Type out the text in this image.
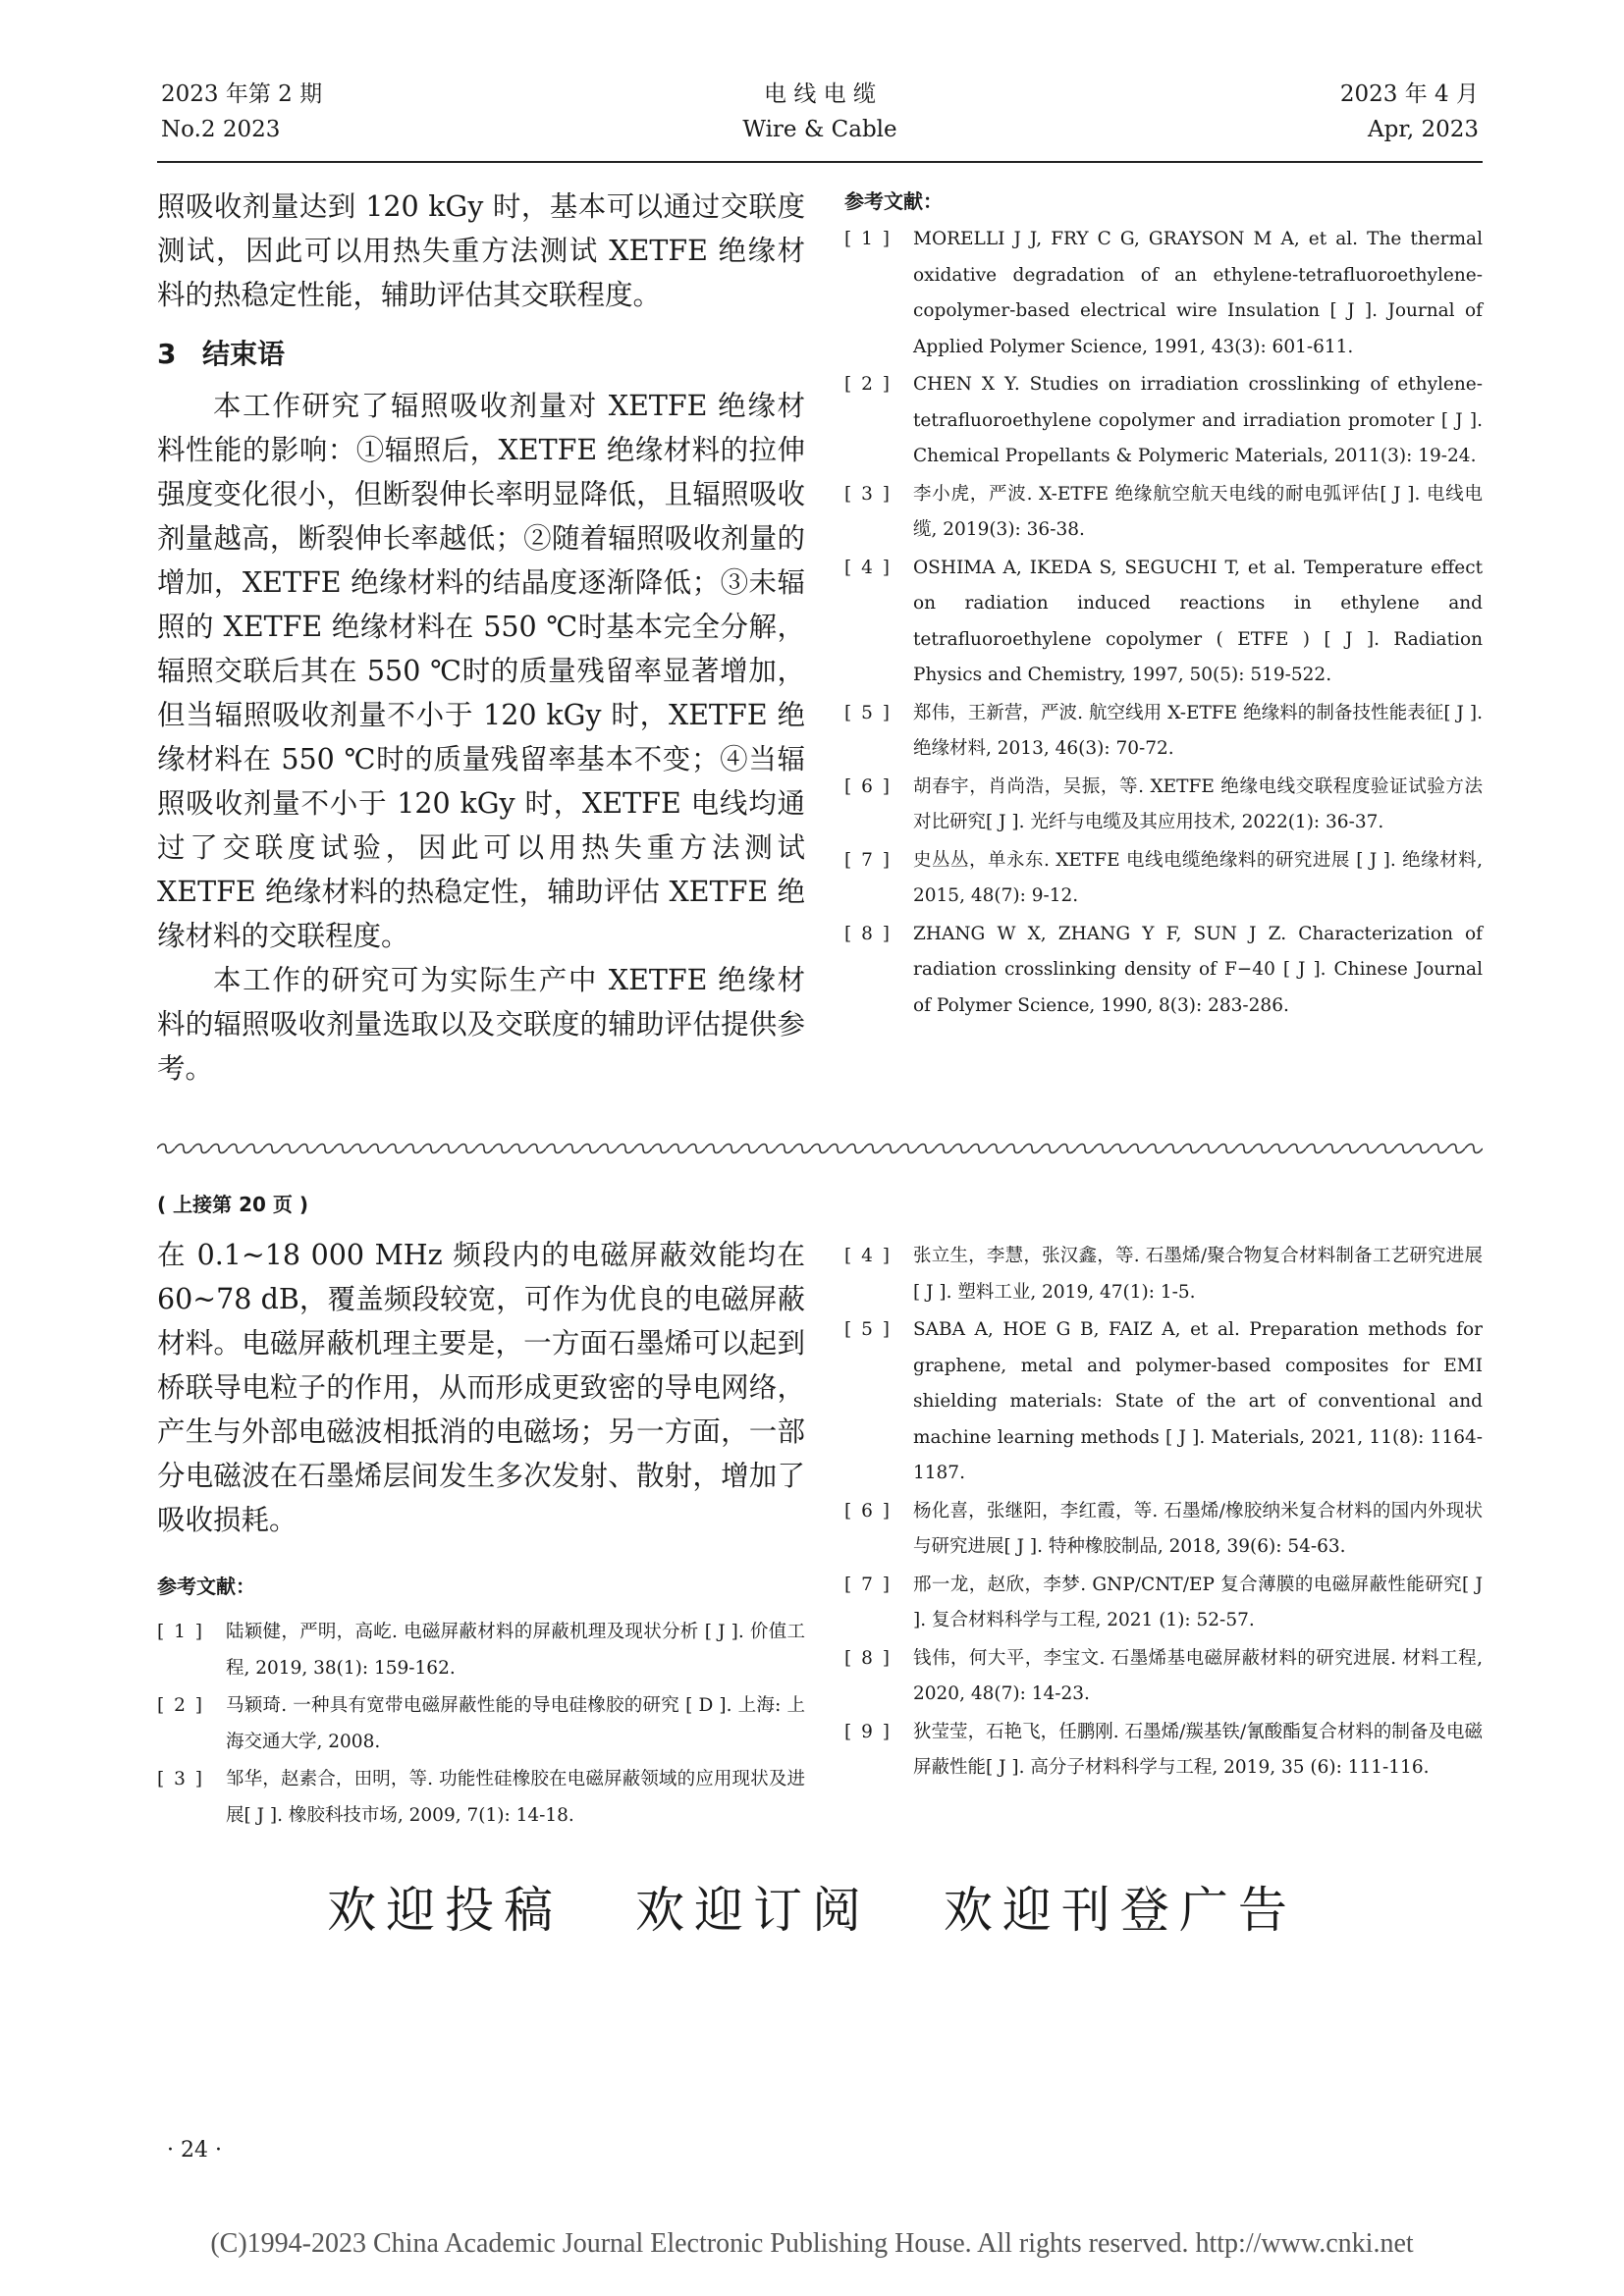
2023 年第 2 期
No.2 2023
电 线 电 缆
Wire & Cable
2023 年 4 月
Apr, 2023

照吸收剂量达到 120 kGy 时，基本可以通过交联度测试，因此可以用热失重方法测试 XETFE 绝缘材料的热稳定性能，辅助评估其交联程度。

3 结束语

本工作研究了辐照吸收剂量对 XETFE 绝缘材料性能的影响：①辐照后，XETFE 绝缘材料的拉伸强度变化很小，但断裂伸长率明显降低，且辐照吸收剂量越高，断裂伸长率越低；②随着辐照吸收剂量的增加，XETFE 绝缘材料的结晶度逐渐降低；③未辐照的 XETFE 绝缘材料在 550 ℃时基本完全分解，辐照交联后其在 550 ℃时的质量残留率显著增加，但当辐照吸收剂量不小于 120 kGy 时，XETFE 绝缘材料在 550 ℃时的质量残留率基本不变；④当辐照吸收剂量不小于 120 kGy 时，XETFE 电线均通过了交联度试验，因此可以用热失重方法测试 XETFE 绝缘材料的热稳定性，辅助评估 XETFE 绝缘材料的交联程度。

本工作的研究可为实际生产中 XETFE 绝缘材料的辐照吸收剂量选取以及交联度的辅助评估提供参考。

参考文献：
[ 1 ]	MORELLI J J, FRY C G, GRAYSON M A, et al. The thermal oxidative degradation of an ethylene-tetrafluoroethylene-copolymer-based electrical wire Insulation [ J ]. Journal of Applied Polymer Science, 1991, 43(3): 601-611.
[ 2 ]	CHEN X Y. Studies on irradiation crosslinking of ethylene-tetrafluoroethylene copolymer and irradiation promoter [ J ]. Chemical Propellants & Polymeric Materials, 2011(3): 19-24.
[ 3 ]	李小虎，严波. X-ETFE 绝缘航空航天电线的耐电弧评估[ J ]. 电线电缆, 2019(3): 36-38.
[ 4 ]	OSHIMA A, IKEDA S, SEGUCHI T, et al. Temperature effect on radiation induced reactions in ethylene and tetrafluoroethylene copolymer ( ETFE ) [ J ]. Radiation Physics and Chemistry, 1997, 50(5): 519-522.
[ 5 ]	郑伟，王新营，严波. 航空线用 X-ETFE 绝缘料的制备技性能表征[ J ]. 绝缘材料, 2013, 46(3): 70-72.
[ 6 ]	胡春宇，肖尚浩，吴振，等. XETFE 绝缘电线交联程度验证试验方法对比研究[ J ]. 光纤与电缆及其应用技术, 2022(1): 36-37.
[ 7 ]	史丛丛，单永东. XETFE 电线电缆绝缘料的研究进展 [ J ]. 绝缘材料, 2015, 48(7): 9-12.
[ 8 ]	ZHANG W X, ZHANG Y F, SUN J Z. Characterization of radiation crosslinking density of F−40 [ J ]. Chinese Journal of Polymer Science, 1990, 8(3): 283-286.
( 上接第 20 页 )

在 0.1~18 000 MHz 频段内的电磁屏蔽效能均在 60~78 dB，覆盖频段较宽，可作为优良的电磁屏蔽材料。电磁屏蔽机理主要是，一方面石墨烯可以起到桥联导电粒子的作用，从而形成更致密的导电网络，产生与外部电磁波相抵消的电磁场；另一方面，一部分电磁波在石墨烯层间发生多次发射、散射，增加了吸收损耗。

参考文献：
[ 1 ]	陆颖健，严明，高屹. 电磁屏蔽材料的屏蔽机理及现状分析 [ J ]. 价值工程, 2019, 38(1): 159-162.
[ 2 ]	马颖琦. 一种具有宽带电磁屏蔽性能的导电硅橡胶的研究 [ D ]. 上海: 上海交通大学, 2008.
[ 3 ]	邹华，赵素合，田明，等. 功能性硅橡胶在电磁屏蔽领域的应用现状及进展[ J ]. 橡胶科技市场, 2009, 7(1): 14-18.
[ 4 ]	张立生，李慧，张汉鑫，等. 石墨烯/聚合物复合材料制备工艺研究进展[ J ]. 塑料工业, 2019, 47(1): 1-5.
[ 5 ]	SABA A, HOE G B, FAIZ A, et al. Preparation methods for graphene, metal and polymer-based composites for EMI shielding materials: State of the art of conventional and machine learning methods [ J ]. Materials, 2021, 11(8): 1164-1187.
[ 6 ]	杨化喜，张继阳，李红霞，等. 石墨烯/橡胶纳米复合材料的国内外现状与研究进展[ J ]. 特种橡胶制品, 2018, 39(6): 54-63.
[ 7 ]	邢一龙，赵欣，李梦. GNP/CNT/EP 复合薄膜的电磁屏蔽性能研究[ J ]. 复合材料科学与工程, 2021 (1): 52-57.
[ 8 ]	钱伟，何大平，李宝文. 石墨烯基电磁屏蔽材料的研究进展. 材料工程, 2020, 48(7): 14-23.
[ 9 ]	狄莹莹，石艳飞，任鹏刚. 石墨烯/羰基铁/氰酸酯复合材料的制备及电磁屏蔽性能[ J ]. 高分子材料科学与工程, 2019, 35 (6): 111-116.
欢迎投稿 欢迎订阅 欢迎刊登广告
· 24 ·
(C)1994-2023 China Academic Journal Electronic Publishing House. All rights reserved. http://www.cnki.net
